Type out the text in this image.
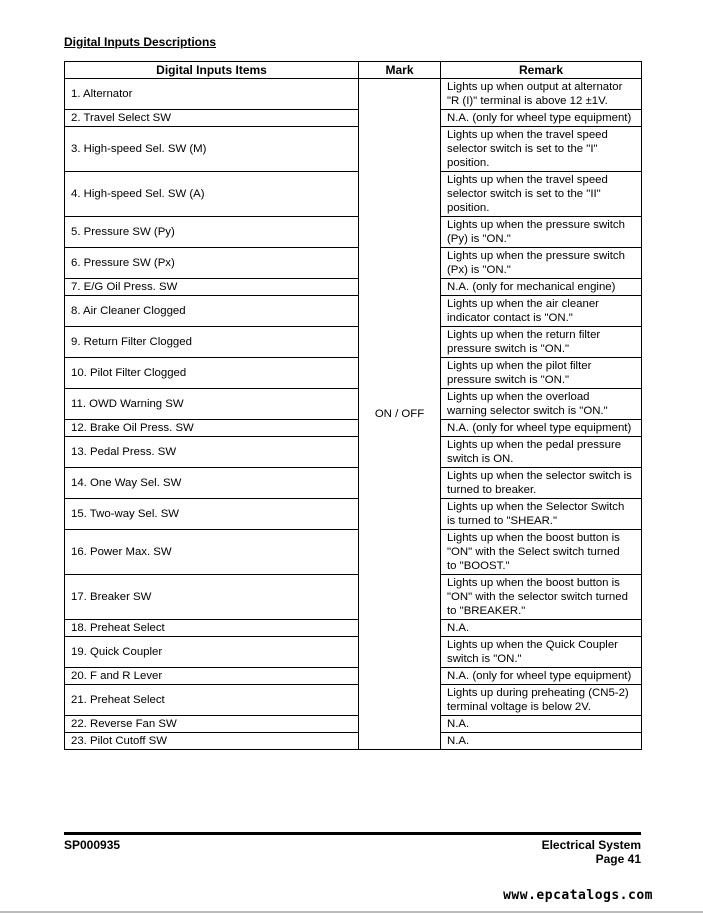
Digital Inputs Descriptions
Digital Inputs Items	Mark	Remark
1. Alternator	ON / OFF	Lights up when output at alternator
"R (I)" terminal is above 12 ±1V.

2. Travel Select SW		N.A. (only for wheel type equipment)

3. High-speed Sel. SW (M)		Lights up when the travel speed
selector switch is set to the "I"
position.

4. High-speed Sel. SW (A)		Lights up when the travel speed
selector switch is set to the "II"
position.

5. Pressure SW (Py)		Lights up when the pressure switch
(Py) is "ON."

6. Pressure SW (Px)		Lights up when the pressure switch
(Px) is "ON."

7. E/G Oil Press. SW		N.A. (only for mechanical engine)

8. Air Cleaner Clogged		Lights up when the air cleaner
indicator contact is "ON."

9. Return Filter Clogged		Lights up when the return filter
pressure switch is "ON."

10. Pilot Filter Clogged		Lights up when the pilot filter
pressure switch is "ON."

11. OWD Warning SW		Lights up when the overload
warning selector switch is "ON."

12. Brake Oil Press. SW		N.A. (only for wheel type equipment)

13. Pedal Press. SW		Lights up when the pedal pressure
switch is ON.

14. One Way Sel. SW		Lights up when the selector switch is
turned to breaker.

15. Two-way Sel. SW		Lights up when the Selector Switch
is turned to "SHEAR."

16. Power Max. SW		Lights up when the boost button is
"ON" with the Select switch turned
to "BOOST."

17. Breaker SW		Lights up when the boost button is
"ON" with the selector switch turned
to "BREAKER."

18. Preheat Select		N.A.

19. Quick Coupler		Lights up when the Quick Coupler
switch is "ON."

20. F and R Lever		N.A. (only for wheel type equipment)

21. Preheat Select		Lights up during preheating (CN5-2)
terminal voltage is below 2V.

22. Reverse Fan SW		N.A.

23. Pilot Cutoff SW		N.A.
SP000935	Electrical System
Page 41
www.epcatalogs.com
